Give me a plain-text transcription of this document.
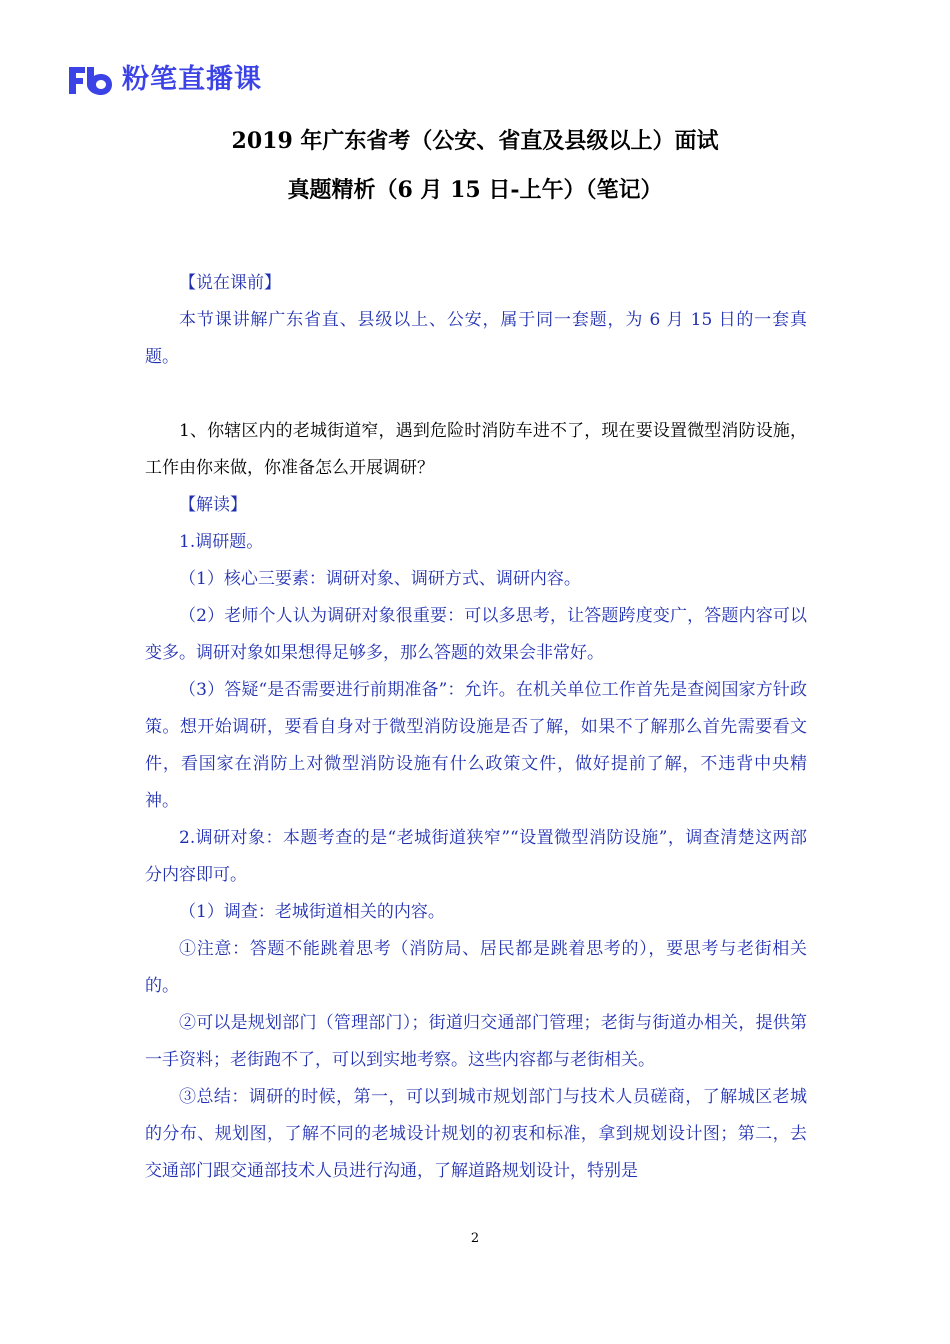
粉笔直播课
2019 年广东省考（公安、省直及县级以上）面试
真题精析（6 月 15 日-上午）（笔记）

【说在课前】

本节课讲解广东省直、县级以上、公安，属于同一套题，为 6 月 15 日的一套真题。

1、你辖区内的老城街道窄，遇到危险时消防车进不了，现在要设置微型消防设施，工作由你来做，你准备怎么开展调研？

【解读】

1.调研题。

（1）核心三要素：调研对象、调研方式、调研内容。

（2）老师个人认为调研对象很重要：可以多思考，让答题跨度变广，答题内容可以变多。调研对象如果想得足够多，那么答题的效果会非常好。

（3）答疑“是否需要进行前期准备”：允许。在机关单位工作首先是查阅国家方针政策。想开始调研，要看自身对于微型消防设施是否了解，如果不了解那么首先需要看文件，看国家在消防上对微型消防设施有什么政策文件，做好提前了解，不违背中央精神。

2.调研对象：本题考查的是“老城街道狭窄”“设置微型消防设施”，调查清楚这两部分内容即可。

（1）调查：老城街道相关的内容。

①注意：答题不能跳着思考（消防局、居民都是跳着思考的），要思考与老街相关的。

②可以是规划部门（管理部门）；街道归交通部门管理；老街与街道办相关，提供第一手资料；老街跑不了，可以到实地考察。这些内容都与老街相关。

③总结：调研的时候，第一，可以到城市规划部门与技术人员磋商，了解城区老城的分布、规划图，了解不同的老城设计规划的初衷和标准，拿到规划设计图；第二，去交通部门跟交通部技术人员进行沟通，了解道路规划设计，特别是

2
